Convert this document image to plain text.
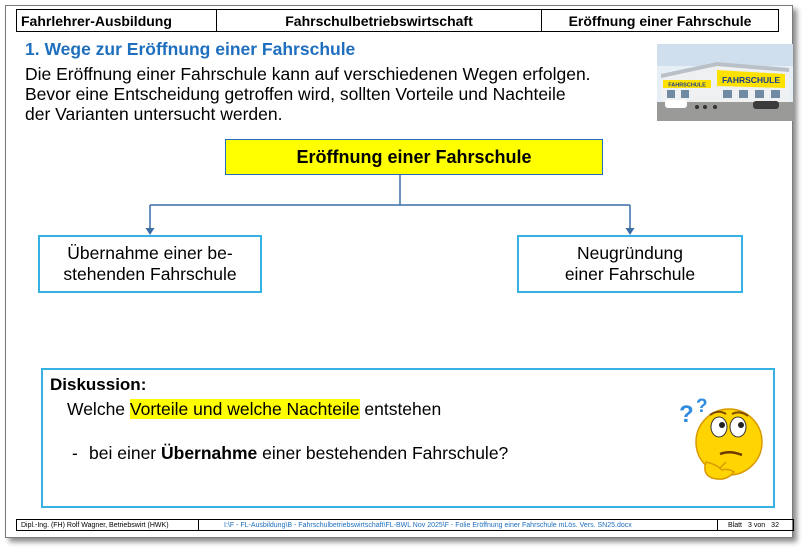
Fahrlehrer-Ausbildung	Fahrschulbetriebswirtschaft	Eröffnung einer Fahrschule
1. Wege zur Eröffnung einer Fahrschule
Die Eröffnung einer Fahrschule kann auf verschiedenen Wegen erfolgen.
Bevor eine Entscheidung getroffen wird, sollten Vorteile und Nachteile
der Varianten untersucht werden.
FAHRSCHULE
FAHRSCHULE
Eröffnung einer Fahrschule
Übernahme einer be-
stehenden Fahrschule
Neugründung
einer Fahrschule
Diskussion:
Welche Vorteile und welche Nachteile entstehen
- bei einer Übernahme einer bestehenden Fahrschule?
? ?
Dipl.-Ing. (FH) Rolf Wagner, Betriebswirt (HWK)	I:\F - FL-Ausbildung\B - Fahrschulbetriebswirtschaft\FL-BWL Nov 2025\F - Folie Eröffnung einer Fahrschule mLös. Vers. SN25.docx	Blatt 3
von 32
